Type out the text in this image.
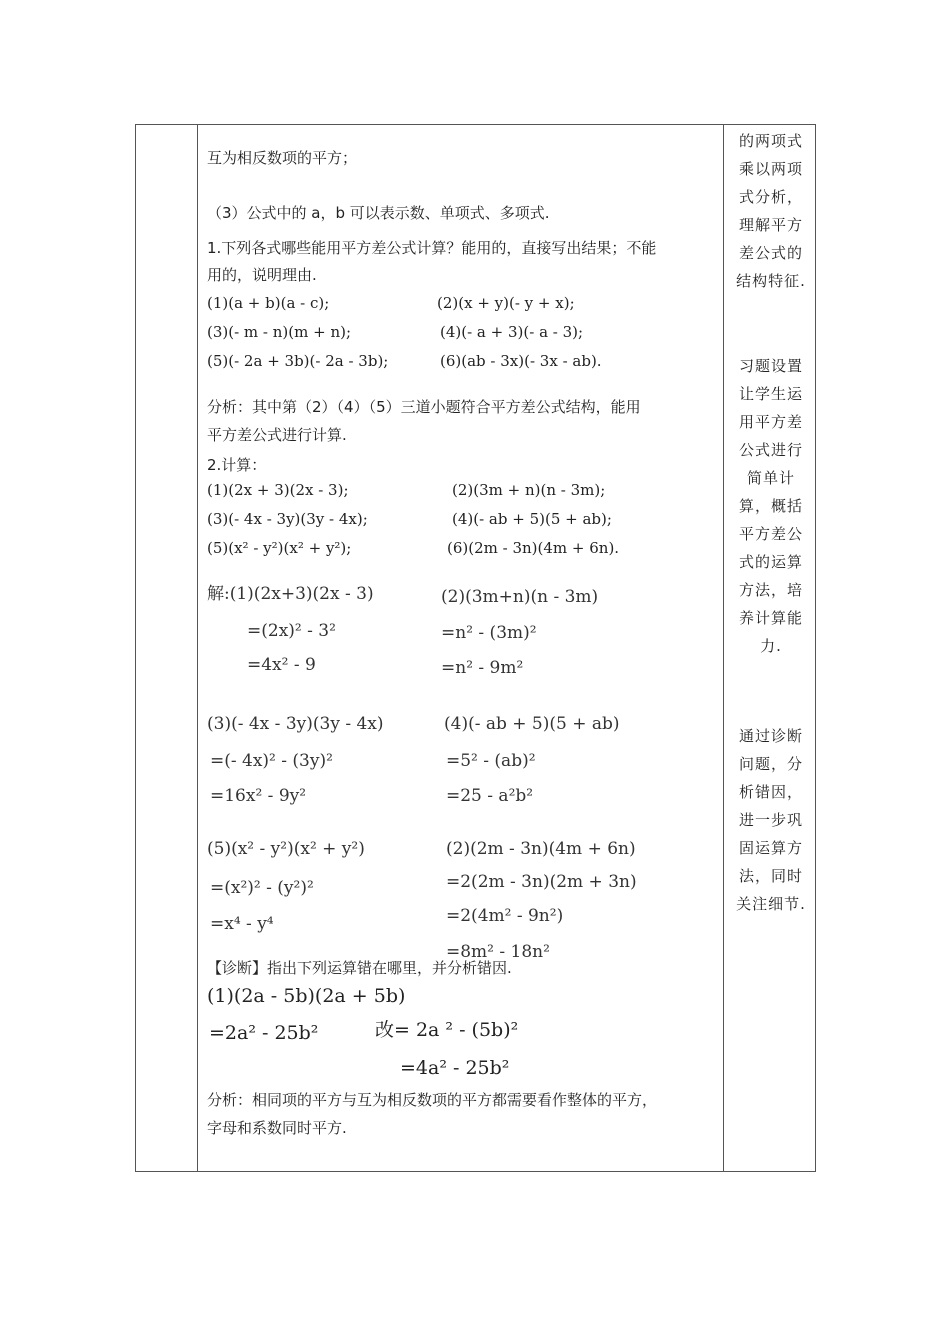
互为相反数项的平方；
（3）公式中的 a，b 可以表示数、单项式、多项式.
1.下列各式哪些能用平方差公式计算？能用的，直接写出结果；不能
用的，说明理由.
(1)(a + b)(a - c);	(2)(x + y)(- y + x);
(3)(- m - n)(m + n);	(4)(- a + 3)(- a - 3);
(5)(- 2a + 3b)(- 2a - 3b);	(6)(ab - 3x)(- 3x - ab).
分析：其中第（2）（4）（5）三道小题符合平方差公式结构，能用
平方差公式进行计算.
2.计算：
(1)(2x + 3)(2x - 3);	(2)(3m + n)(n - 3m);
(3)(- 4x - 3y)(3y - 4x);	(4)(- ab + 5)(5 + ab);
(5)(x² - y²)(x² + y²);	(6)(2m - 3n)(4m + 6n).
解:(1)(2x+3)(2x - 3)
=(2x)² - 3²
=4x² - 9
(2)(3m+n)(n - 3m)
=n² - (3m)²
=n² - 9m²
(3)(- 4x - 3y)(3y - 4x)
=(- 4x)² - (3y)²
=16x² - 9y²
(4)(- ab + 5)(5 + ab)
=5² - (ab)²
=25 - a²b²
(5)(x² - y²)(x² + y²)
=(x²)² - (y²)²
=x⁴ - y⁴
(2)(2m - 3n)(4m + 6n)
=2(2m - 3n)(2m + 3n)
=2(4m² - 9n²)
=8m² - 18n²
【诊断】指出下列运算错在哪里，并分析错因.
(1)(2a - 5b)(2a + 5b)
=2a² - 25b²	改= 2a ² - (5b)²
=4a² - 25b²
分析：相同项的平方与互为相反数项的平方都需要看作整体的平方，
字母和系数同时平方.
的两项式
乘以两项
式分析，
理解平方
差公式的
结构特征.
习题设置
让学生运
用平方差
公式进行
简单计
算，概括
平方差公
式的运算
方法，培
养计算能
力.
通过诊断
问题，分
析错因，
进一步巩
固运算方
法，同时
关注细节.
